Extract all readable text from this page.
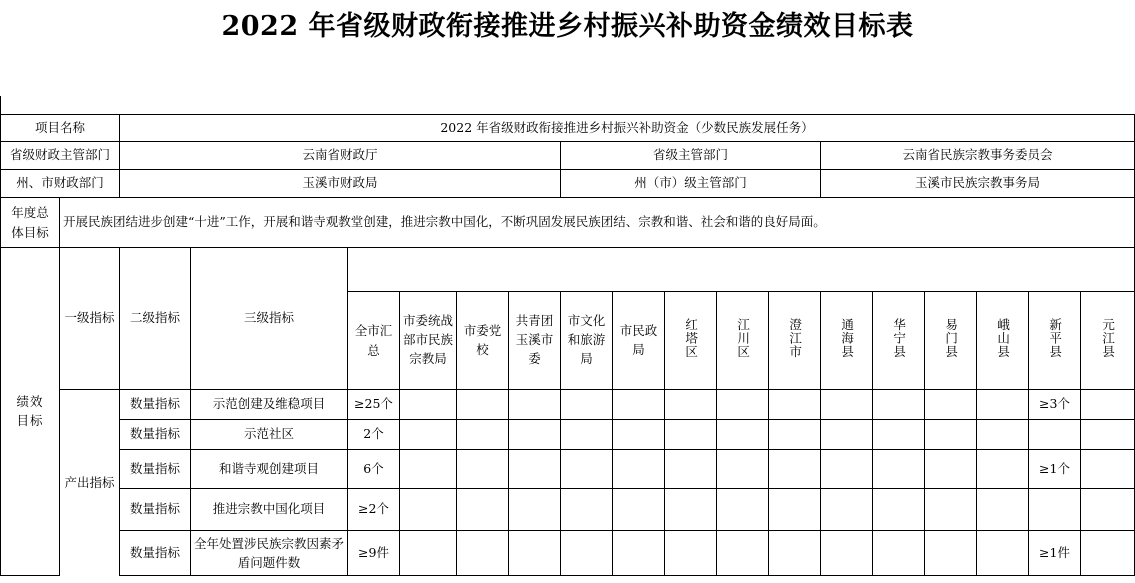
2022 年省级财政衔接推进乡村振兴补助资金绩效目标表
项目名称		2022 年省级财政衔接推进乡村振兴补助资金（少数民族发展任务）																
省级财政主管部门		云南省财政厅						省级主管部门					云南省民族宗教事务委员会					
州、市财政部门		玉溪市财政局						州（市）级主管部门					玉溪市民族宗教事务局					
年度总体目标	开展民族团结进步创建“十进”工作，开展和谐寺观教堂创建，推进宗教中国化，不断巩固发展民族团结、宗教和谐、社会和谐的良好局面。																	
绩效目标	一级指标	二级指标	三级指标															
				全市汇总	市委统战部市民族宗教局	市委党校	共青团玉溪市委	市文化和旅游局	市民政局	红塔区	江川区	澄江市	通海县	华宁县	易门县	峨山县	新平县	元江县
	产出指标	数量指标	示范创建及维稳项目	≥25个													≥3个	
		数量指标	示范社区	2个														
		数量指标	和谐寺观创建项目	6个													≥1个	
		数量指标	推进宗教中国化项目	≥2个														
		数量指标	全年处置涉民族宗教因素矛盾问题件数	≥9件													≥1件	
